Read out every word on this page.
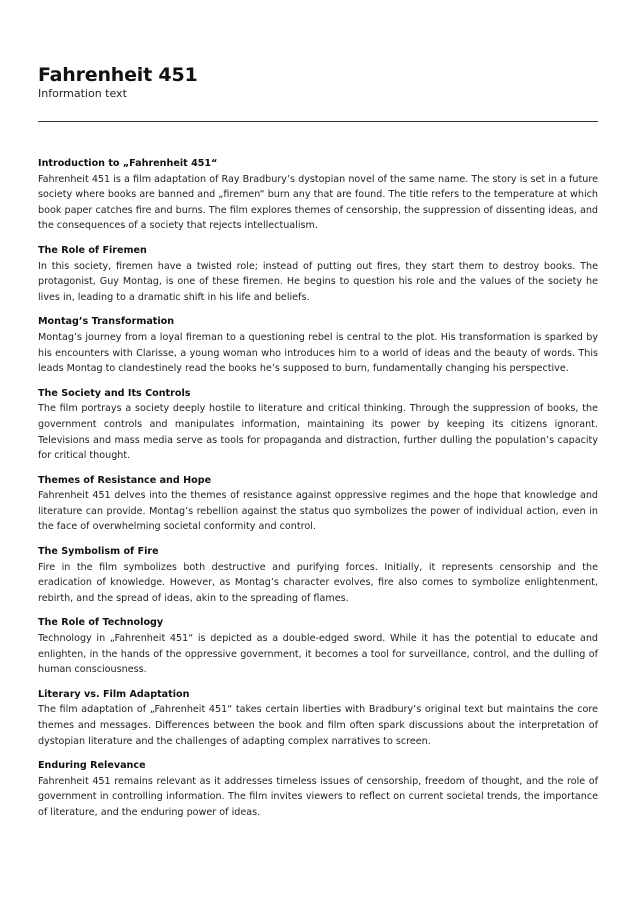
Fahrenheit 451
Information text
Introduction to „Fahrenheit 451“

Fahrenheit 451 is a film adaptation of Ray Bradbury’s dystopian novel of the same name. The story is set in a future society where books are banned and „firemen“ burn any that are found. The title refers to the temperature at which book paper catches fire and burns. The film explores themes of censorship, the suppression of dissenting ideas, and the consequences of a society that rejects intellectualism.

The Role of Firemen

In this society, firemen have a twisted role; instead of putting out fires, they start them to destroy books. The protagonist, Guy Montag, is one of these firemen. He begins to question his role and the values of the society he lives in, leading to a dramatic shift in his life and beliefs.

Montag’s Transformation

Montag’s journey from a loyal fireman to a questioning rebel is central to the plot. His transformation is sparked by his encounters with Clarisse, a young woman who introduces him to a world of ideas and the beauty of words. This leads Montag to clandestinely read the books he’s supposed to burn, fundamentally changing his perspective.

The Society and Its Controls

The film portrays a society deeply hostile to literature and critical thinking. Through the suppression of books, the government controls and manipulates information, maintaining its power by keeping its citizens ignorant. Televisions and mass media serve as tools for propaganda and distraction, further dulling the population’s capacity for critical thought.

Themes of Resistance and Hope

Fahrenheit 451 delves into the themes of resistance against oppressive regimes and the hope that knowledge and literature can provide. Montag’s rebellion against the status quo symbolizes the power of individual action, even in the face of overwhelming societal conformity and control.

The Symbolism of Fire

Fire in the film symbolizes both destructive and purifying forces. Initially, it represents censorship and the eradication of knowledge. However, as Montag’s character evolves, fire also comes to symbolize enlightenment, rebirth, and the spread of ideas, akin to the spreading of flames.

The Role of Technology

Technology in „Fahrenheit 451“ is depicted as a double-edged sword. While it has the potential to educate and enlighten, in the hands of the oppressive government, it becomes a tool for surveillance, control, and the dulling of human consciousness.

Literary vs. Film Adaptation

The film adaptation of „Fahrenheit 451“ takes certain liberties with Bradbury’s original text but maintains the core themes and messages. Differences between the book and film often spark discussions about the interpretation of dystopian literature and the challenges of adapting complex narratives to screen.

Enduring Relevance

Fahrenheit 451 remains relevant as it addresses timeless issues of censorship, freedom of thought, and the role of government in controlling information. The film invites viewers to reflect on current societal trends, the importance of literature, and the enduring power of ideas.
